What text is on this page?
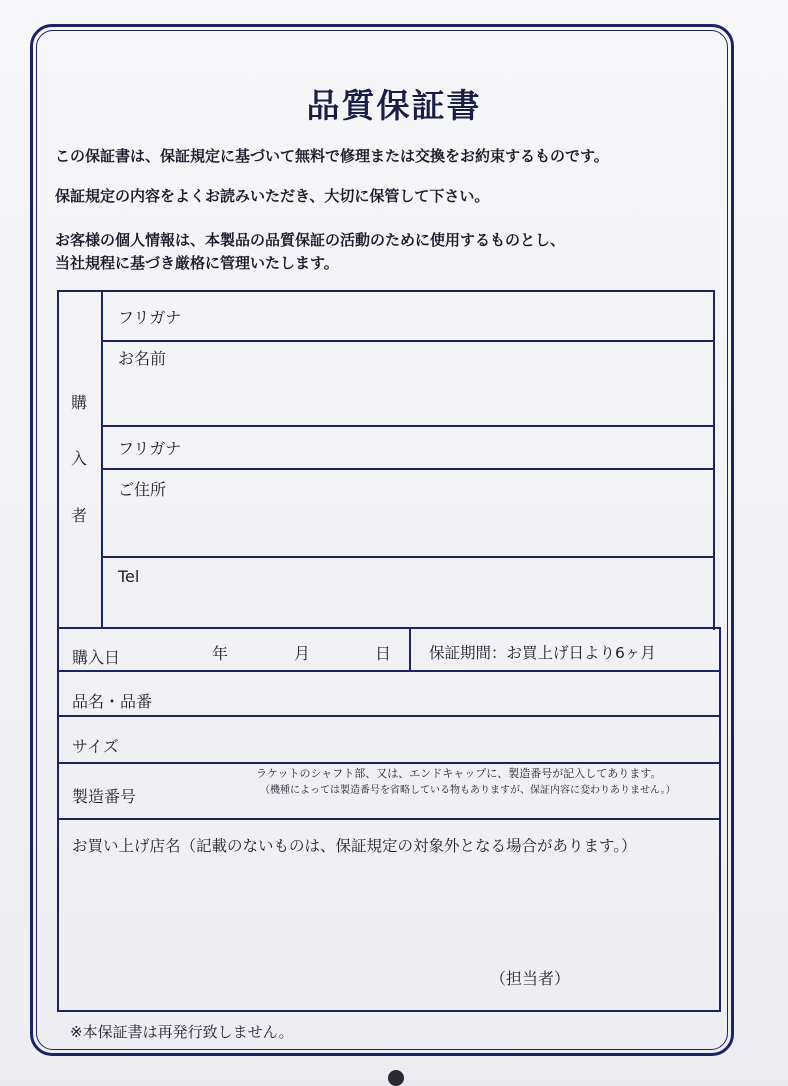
品質保証書
この保証書は、保証規定に基づいて無料で修理または交換をお約束するものです。
保証規定の内容をよくお読みいただき、大切に保管して下さい。
お客様の個人情報は、本製品の品質保証の活動のために使用するものとし、
当社規程に基づき厳格に管理いたします。
購
入
者
フリガナ
お名前
フリガナ
ご住所
Tel
購入日	年	月	日 保証期間：お買上げ日より6ヶ月
品名・品番
サイズ
製造番号
ラケットのシャフト部、又は、エンドキャップに、製造番号が記入してあります。
（機種によっては製造番号を省略している物もありますが、保証内容に変わりありません。）
お買い上げ店名（記載のないものは、保証規定の対象外となる場合があります。）
（担当者）
※本保証書は再発行致しません。
